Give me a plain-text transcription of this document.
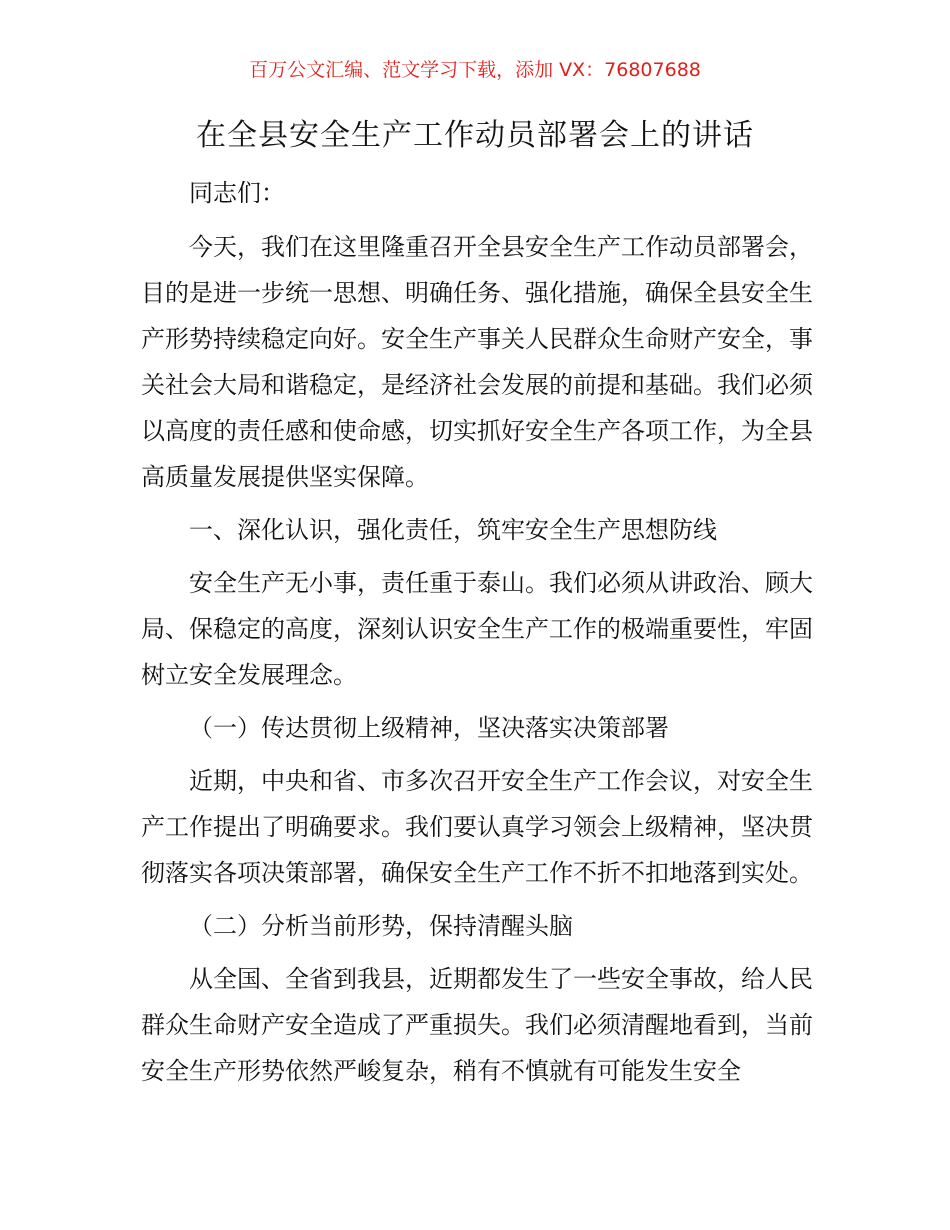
百万公文汇编、范文学习下载，添加 VX：76807688
在全县安全生产工作动员部署会上的讲话

同志们：

今天，我们在这里隆重召开全县安全生产工作动员部署会，目的是进一步统一思想、明确任务、强化措施，确保全县安全生产形势持续稳定向好。安全生产事关人民群众生命财产安全，事关社会大局和谐稳定，是经济社会发展的前提和基础。我们必须以高度的责任感和使命感，切实抓好安全生产各项工作，为全县高质量发展提供坚实保障。

一、深化认识，强化责任，筑牢安全生产思想防线

安全生产无小事，责任重于泰山。我们必须从讲政治、顾大局、保稳定的高度，深刻认识安全生产工作的极端重要性，牢固树立安全发展理念。

（一）传达贯彻上级精神，坚决落实决策部署

近期，中央和省、市多次召开安全生产工作会议，对安全生产工作提出了明确要求。我们要认真学习领会上级精神，坚决贯彻落实各项决策部署，确保安全生产工作不折不扣地落到实处。

（二）分析当前形势，保持清醒头脑

从全国、全省到我县，近期都发生了一些安全事故，给人民群众生命财产安全造成了严重损失。我们必须清醒地看到，当前安全生产形势依然严峻复杂，稍有不慎就有可能发生安全
